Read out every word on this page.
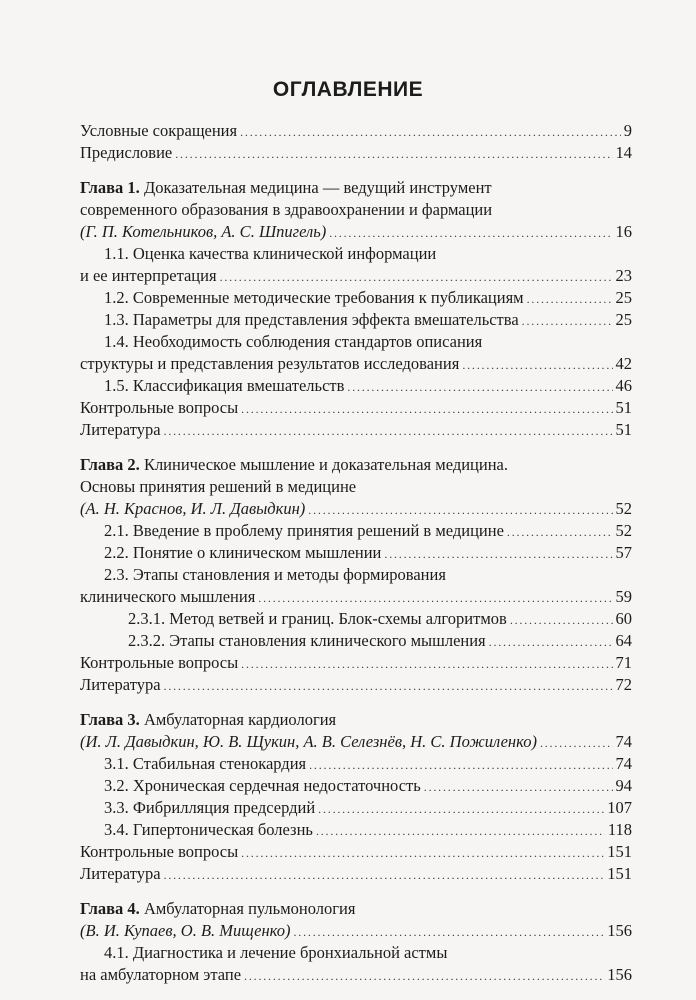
ОГЛАВЛЕНИЕ
Условные сокращения . . .	9
Предисловие . . .	14
Глава 1. Доказательная медицина — ведущий инструмент
современного образования в здравоохранении и фармации
(Г. П. Котельников, А. С. Шпигель) . . .	16
1.1. Оценка качества клинической информации
и ее интерпретация . . .	23
1.2. Современные методические требования к публикациям . . .	25
1.3. Параметры для представления эффекта вмешательства . . .	25
1.4. Необходимость соблюдения стандартов описания
структуры и представления результатов исследования . . .	42
1.5. Классификация вмешательств . . .	46
Контрольные вопросы . . .	51
Литература . . .	51
Глава 2. Клиническое мышление и доказательная медицина.
Основы принятия решений в медицине
(А. Н. Краснов, И. Л. Давыдкин) . . .	52
2.1. Введение в проблему принятия решений в медицине . . .	52
2.2. Понятие о клиническом мышлении . . .	57
2.3. Этапы становления и методы формирования
клинического мышления . . .	59
2.3.1. Метод ветвей и границ. Блок-схемы алгоритмов . . .	60
2.3.2. Этапы становления клинического мышления . . .	64
Контрольные вопросы . . .	71
Литература . . .	72
Глава 3. Амбулаторная кардиология
(И. Л. Давыдкин, Ю. В. Щукин, А. В. Селезнёв, Н. С. Пожиленко) . . .	74
3.1. Стабильная стенокардия . . .	74
3.2. Хроническая сердечная недостаточность . . .	94
3.3. Фибрилляция предсердий . . .	107
3.4. Гипертоническая болезнь . . .	118
Контрольные вопросы . . .	151
Литература . . .	151
Глава 4. Амбулаторная пульмонология
(В. И. Купаев, О. В. Мищенко) . . .	156
4.1. Диагностика и лечение бронхиальной астмы
на амбулаторном этапе . . .	156
